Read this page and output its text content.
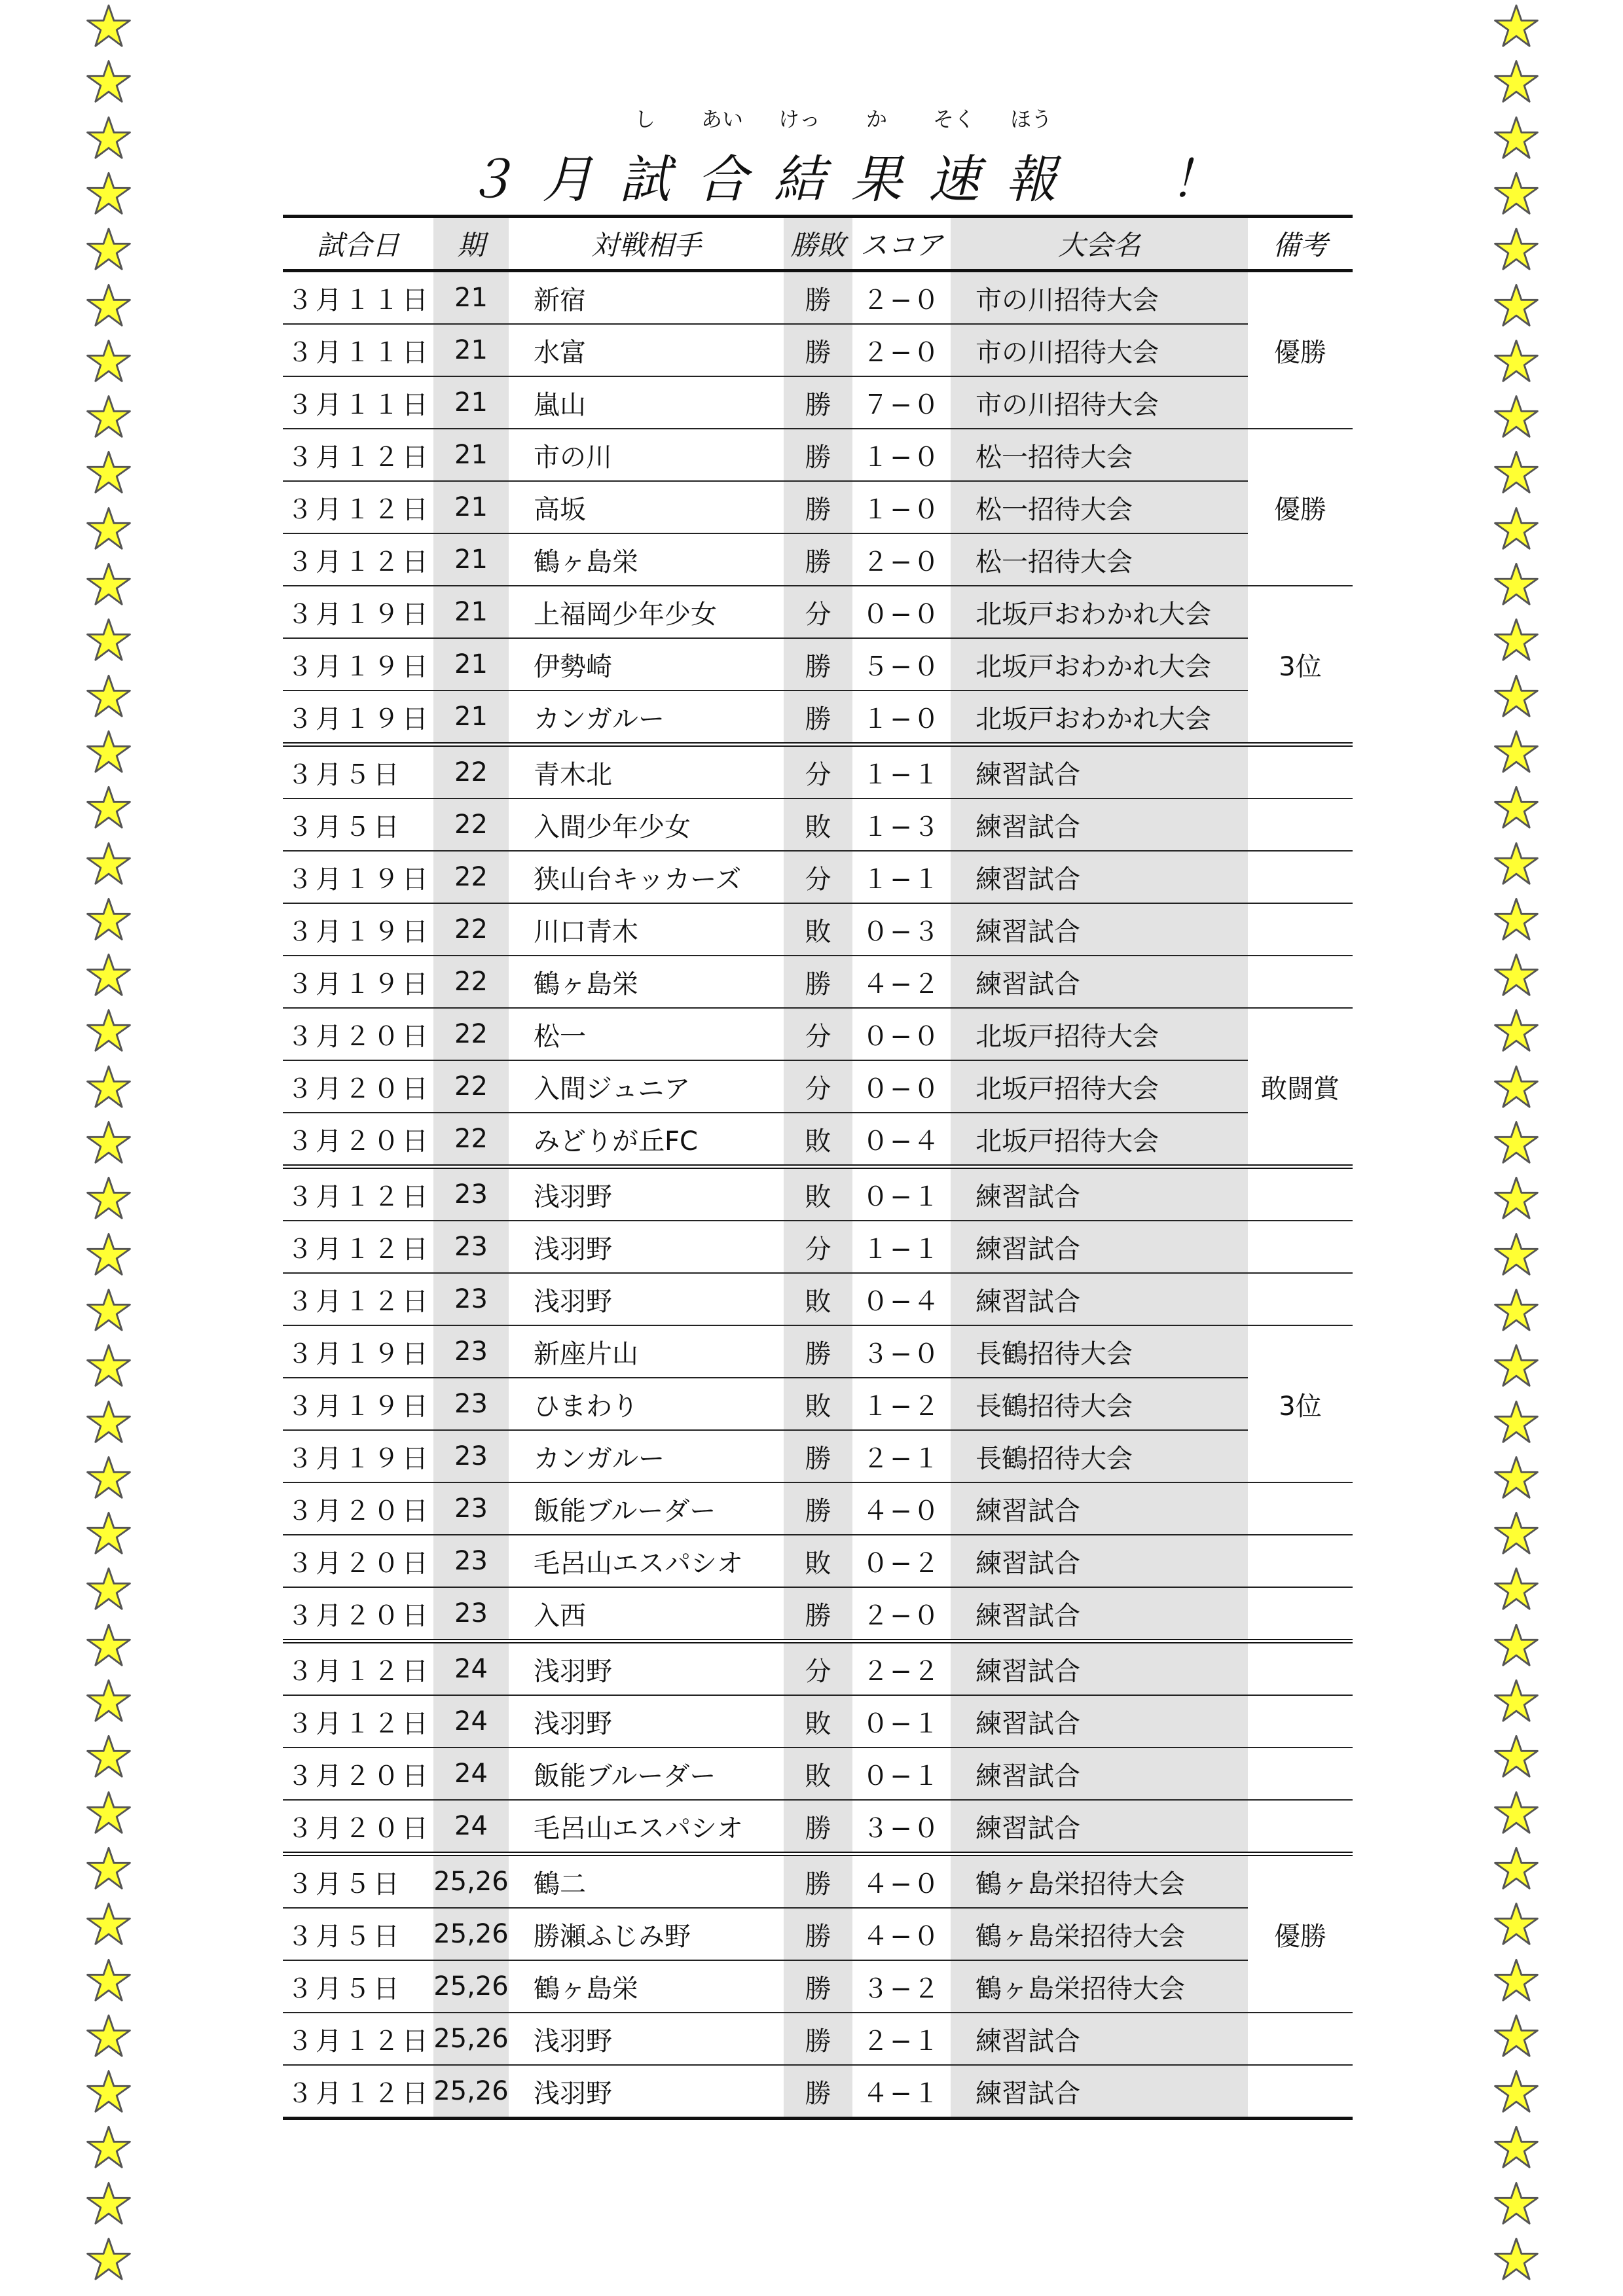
３ 月 試
し
合
あい
結
けっ
果
か
速
そく
報
ほう
！
試合日	期	対戦相手	勝敗	スコア	大会名	備考
３月１１日	21	新宿	勝	２−０	市の川招待大会	優勝
３月１１日	21	水富	勝	２−０	市の川招待大会	
３月１１日	21	嵐山	勝	７−０	市の川招待大会	
３月１２日	21	市の川	勝	１−０	松一招待大会	優勝
３月１２日	21	高坂	勝	１−０	松一招待大会	
３月１２日	21	鶴ヶ島栄	勝	２−０	松一招待大会	
３月１９日	21	上福岡少年少女	分	０−０	北坂戸おわかれ大会	3位
３月１９日	21	伊勢崎	勝	５−０	北坂戸おわかれ大会	
３月１９日	21	カンガルー	勝	１−０	北坂戸おわかれ大会	
３月５日	22	青木北	分	１−１	練習試合	
３月５日	22	入間少年少女	敗	１−３	練習試合	
３月１９日	22	狭山台キッカーズ	分	１−１	練習試合	
３月１９日	22	川口青木	敗	０−３	練習試合	
３月１９日	22	鶴ヶ島栄	勝	４−２	練習試合	
３月２０日	22	松一	分	０−０	北坂戸招待大会	敢闘賞
３月２０日	22	入間ジュニア	分	０−０	北坂戸招待大会	
３月２０日	22	みどりが丘FC	敗	０−４	北坂戸招待大会	
３月１２日	23	浅羽野	敗	０−１	練習試合	
３月１２日	23	浅羽野	分	１−１	練習試合	
３月１２日	23	浅羽野	敗	０−４	練習試合	
３月１９日	23	新座片山	勝	３−０	長鶴招待大会	3位
３月１９日	23	ひまわり	敗	１−２	長鶴招待大会	
３月１９日	23	カンガルー	勝	２−１	長鶴招待大会	
３月２０日	23	飯能ブルーダー	勝	４−０	練習試合	
３月２０日	23	毛呂山エスパシオ	敗	０−２	練習試合	
３月２０日	23	入西	勝	２−０	練習試合	
３月１２日	24	浅羽野	分	２−２	練習試合	
３月１２日	24	浅羽野	敗	０−１	練習試合	
３月２０日	24	飯能ブルーダー	敗	０−１	練習試合	
３月２０日	24	毛呂山エスパシオ	勝	３−０	練習試合	
３月５日	25,26	鶴二	勝	４−０	鶴ヶ島栄招待大会	優勝
３月５日	25,26	勝瀬ふじみ野	勝	４−０	鶴ヶ島栄招待大会	
３月５日	25,26	鶴ヶ島栄	勝	３−２	鶴ヶ島栄招待大会	
３月１２日	25,26	浅羽野	勝	２−１	練習試合	
３月１２日	25,26	浅羽野	勝	４−１	練習試合	
